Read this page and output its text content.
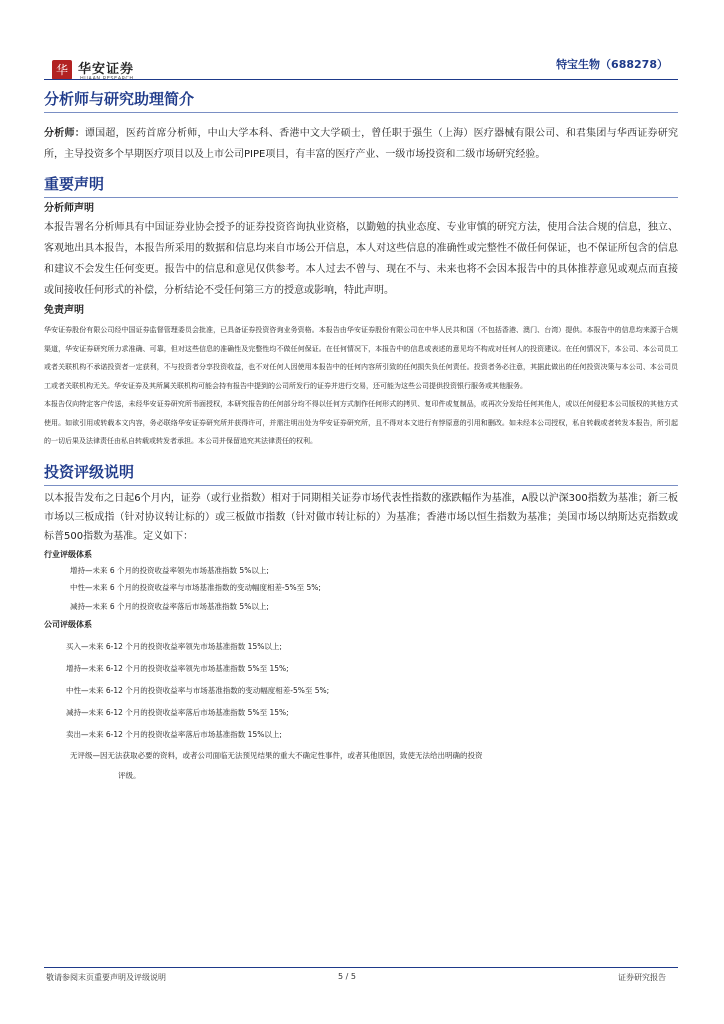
华 华安证券	特宝生物（688278）

分析师与研究助理简介

分析师：谭国超，医药首席分析师，中山大学本科、香港中文大学硕士，曾任职于强生（上海）医疗器械有限公司、和君集团与华西证券研究所，主导投资多个早期医疗项目以及上市公司PIPE项目，有丰富的医疗产业、一级市场投资和二级市场研究经验。

重要声明

分析师声明

本报告署名分析师具有中国证券业协会授予的证券投资咨询执业资格，以勤勉的执业态度、专业审慎的研究方法，使用合法合规的信息，独立、客观地出具本报告，本报告所采用的数据和信息均来自市场公开信息，本人对这些信息的准确性或完整性不做任何保证，也不保证所包含的信息和建议不会发生任何变更。报告中的信息和意见仅供参考。本人过去不曾与、现在不与、未来也将不会因本报告中的具体推荐意见或观点而直接或间接收任何形式的补偿，分析结论不受任何第三方的授意或影响，特此声明。

免责声明

华安证券股份有限公司经中国证券监督管理委员会批准，已具备证券投资咨询业务资格。本报告由华安证券股份有限公司在中华人民共和国（不包括香港、澳门、台湾）提供。本报告中的信息均来源于合规渠道，华安证券研究所力求准确、可靠，但对这些信息的准确性及完整性均不做任何保证。在任何情况下，本报告中的信息或表述的意见均不构成对任何人的投资建议。在任何情况下，本公司、本公司员工或者关联机构不承诺投资者一定获利，不与投资者分享投资收益，也不对任何人因使用本报告中的任何内容所引致的任何损失负任何责任。投资者务必注意，其据此做出的任何投资决策与本公司、本公司员工或者关联机构无关。华安证券及其所属关联机构可能会持有报告中提到的公司所发行的证券并进行交易，还可能为这些公司提供投资银行服务或其他服务。

本报告仅向特定客户传送，未经华安证券研究所书面授权，本研究报告的任何部分均不得以任何方式制作任何形式的拷贝、复印件或复制品，或再次分发给任何其他人，或以任何侵犯本公司版权的其他方式使用。如欲引用或转载本文内容，务必联络华安证券研究所并获得许可，并需注明出处为华安证券研究所，且不得对本文进行有悖原意的引用和删改。如未经本公司授权，私自转载或者转发本报告，所引起的一切后果及法律责任由私自转载或转发者承担。本公司并保留追究其法律责任的权利。

投资评级说明

以本报告发布之日起6个月内，证券（或行业指数）相对于同期相关证券市场代表性指数的涨跌幅作为基准，A股以沪深300指数为基准；新三板市场以三板成指（针对协议转让标的）或三板做市指数（针对做市转让标的）为基准；香港市场以恒生指数为基准；美国市场以纳斯达克指数或标普500指数为基准。定义如下：

行业评级体系

增持—未来 6 个月的投资收益率领先市场基准指数 5%以上;
中性—未来 6 个月的投资收益率与市场基准指数的变动幅度相差-5%至 5%;
减持—未来 6 个月的投资收益率落后市场基准指数 5%以上;

公司评级体系

买入—未来 6-12 个月的投资收益率领先市场基准指数 15%以上;
增持—未来 6-12 个月的投资收益率领先市场基准指数 5%至 15%;
中性—未来 6-12 个月的投资收益率与市场基准指数的变动幅度相差-5%至 5%;
减持—未来 6-12 个月的投资收益率落后市场基准指数 5%至 15%;
卖出—未来 6-12 个月的投资收益率落后市场基准指数 15%以上;
无评级—因无法获取必要的资料，或者公司面临无法预见结果的重大不确定性事件，或者其他原因，致使无法给出明确的投资
评级。
敬请参阅末页重要声明及评级说明	5 / 5	证券研究报告
